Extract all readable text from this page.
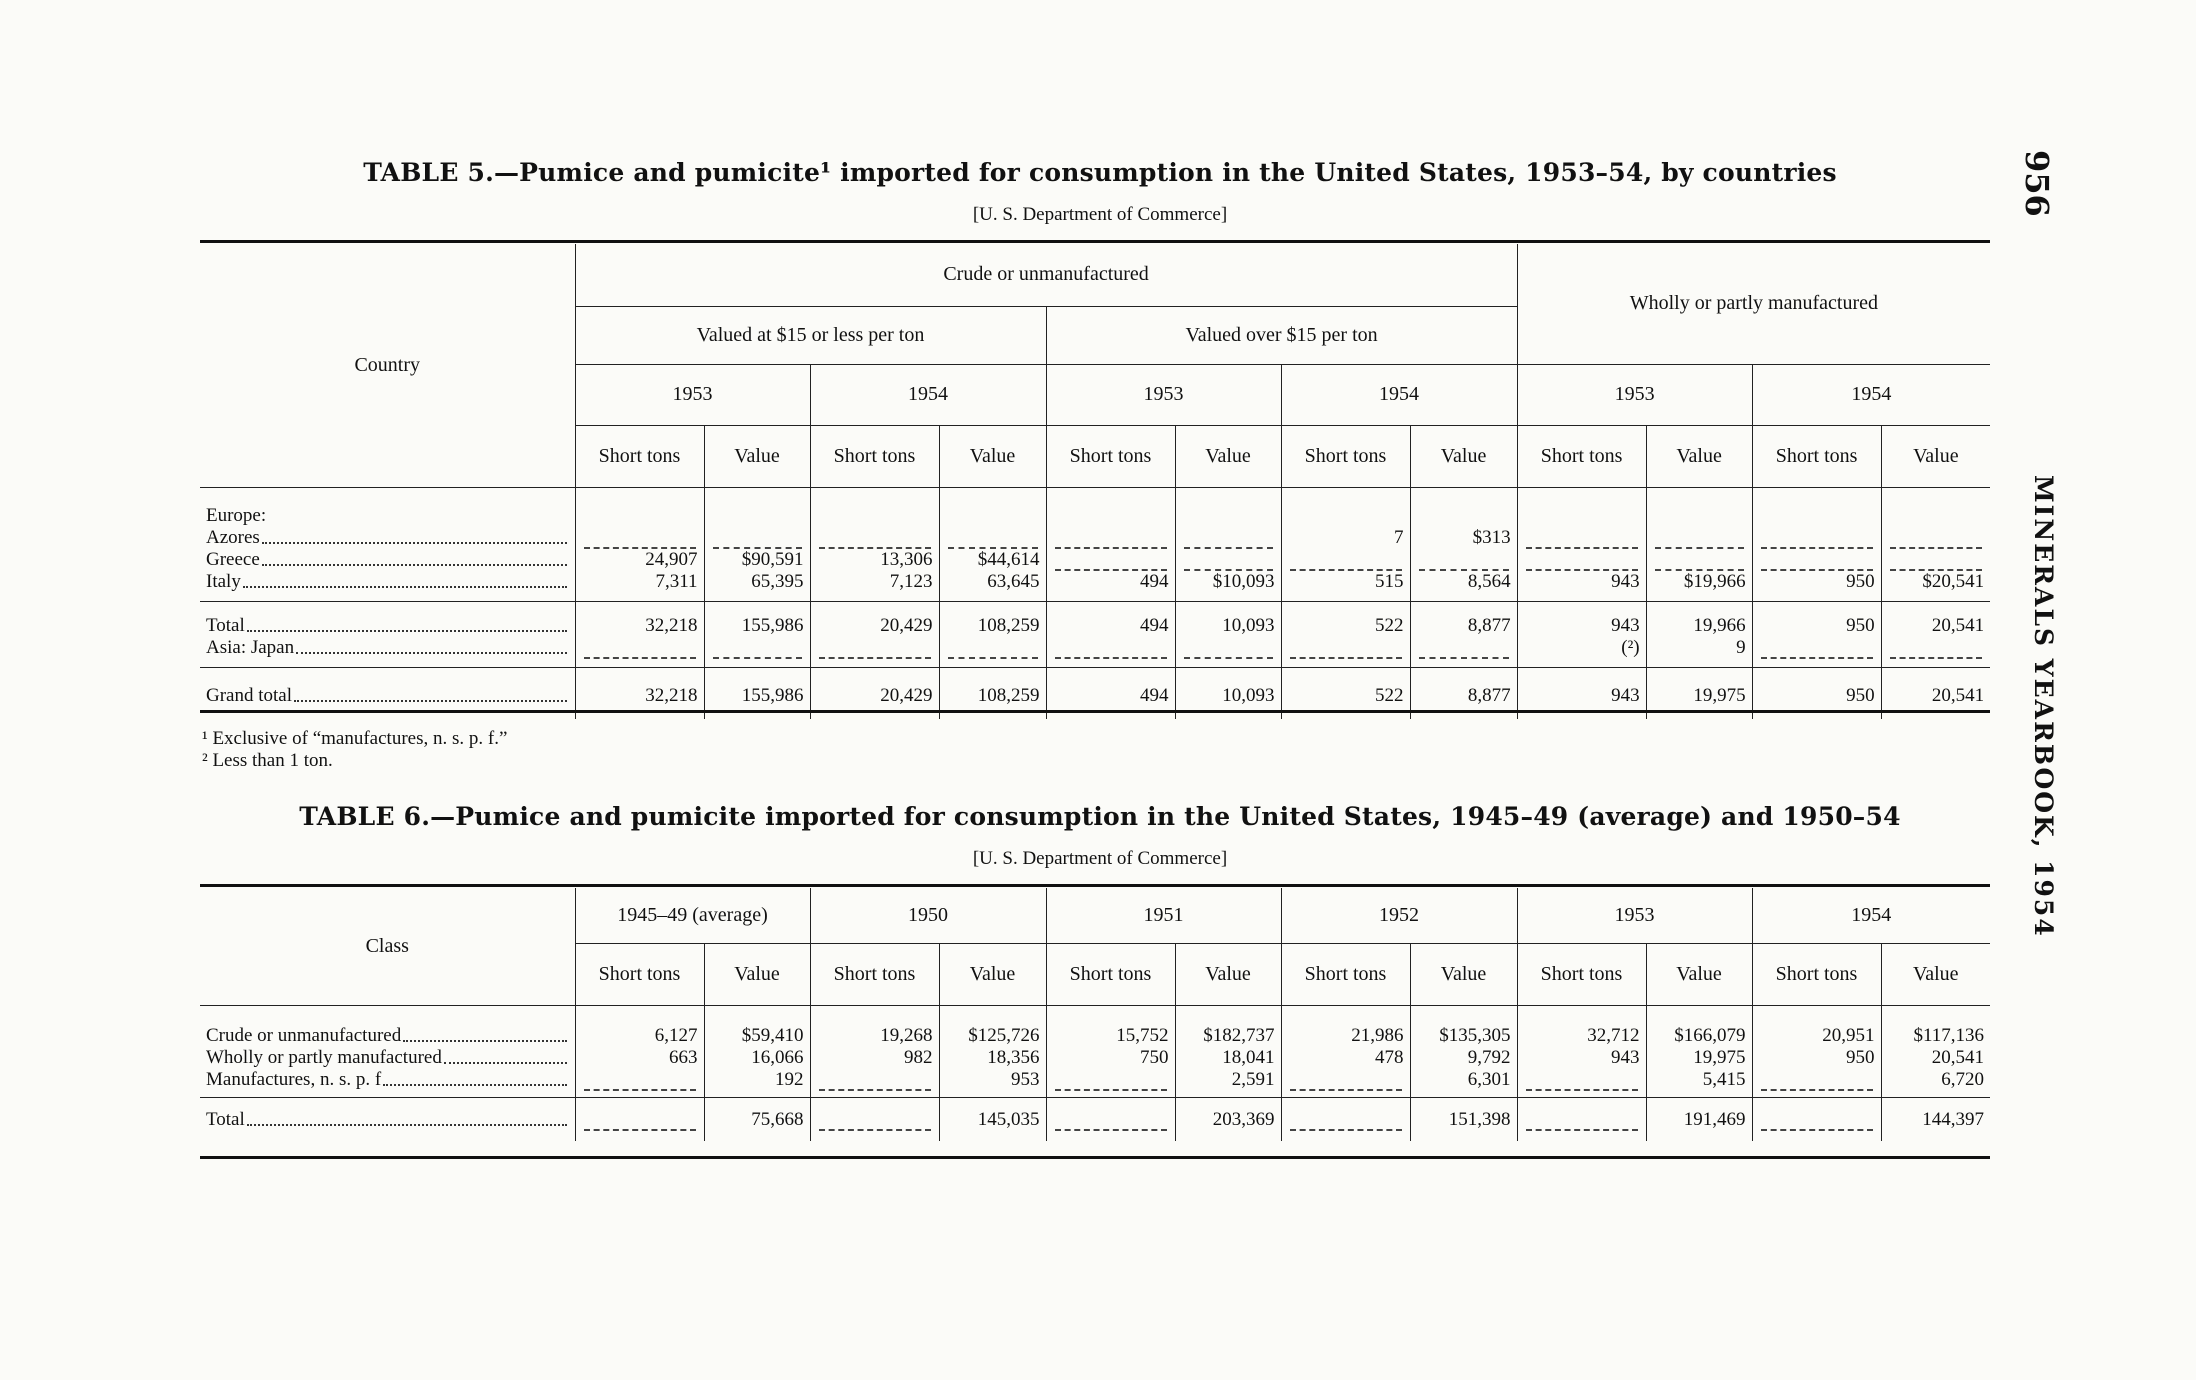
TABLE 5.—Pumice and pumicite¹ imported for consumption in the United States, 1953–54, by countries
[U. S. Department of Commerce]
Country	Crude or unmanufactured								Wholly or partly manufactured			
	Valued at $15 or less per ton				Valued over $15 per ton							
	1953		1954		1953		1954		1953		1954	
	Short tons	Value	Short tons	Value	Short tons	Value	Short tons	Value	Short tons	Value	Short tons	Value

Europe:												

Azores							7	$313	

Greece	24,907	$90,591	13,306	$44,614	

Italy	7,311	65,395	7,123	63,645	494	$10,093	515	8,564	943	$19,966	950	$20,541

Total	32,218	155,986	20,429	108,259	494	10,093	522	8,877	943	19,966	950	20,541

Asia: Japan									(²)	9	

Grand total	32,218	155,986	20,429	108,259	494	10,093	522	8,877	943	19,975	950	20,541

¹ Exclusive of “manufactures, n. s. p. f.”
² Less than 1 ton.
TABLE 6.—Pumice and pumicite imported for consumption in the United States, 1945–49 (average) and 1950–54
[U. S. Department of Commerce]
Class	1945–49 (average)		1950		1951		1952		1953		1954	
	Short tons	Value	Short tons	Value	Short tons	Value	Short tons	Value	Short tons	Value	Short tons	Value

Crude or unmanufactured	6,127	$59,410	19,268	$125,726	15,752	$182,737	21,986	$135,305	32,712	$166,079	20,951	$117,136

Wholly or partly manufactured	663	16,066	982	18,356	750	18,041	478	9,792	943	19,975	950	20,541

Manufactures, n. s. p. f		192		953		2,591		6,301		5,415		6,720

Total		75,668		145,035		203,369		151,398		191,469		144,397

956
MINERALS YEARBOOK, 1954
